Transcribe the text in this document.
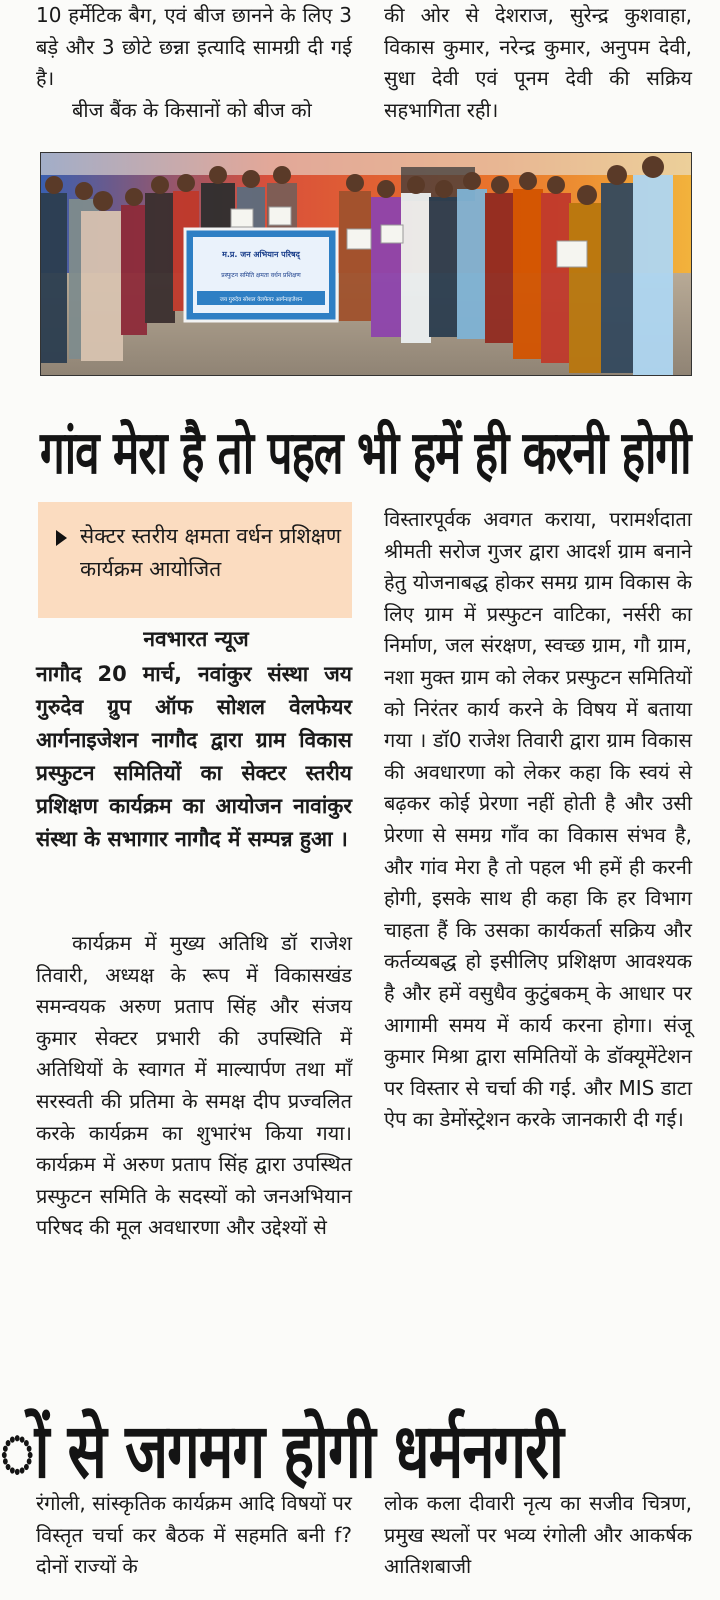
10 हर्मेटिक बैग, एवं बीज छानने के लिए 3 बड़े और 3 छोटे छन्ना इत्यादि सामग्री दी गई है।

बीज बैंक के किसानों को बीज को

की ओर से देशराज, सुरेन्द्र कुशवाहा, विकास कुमार, नरेन्द्र कुमार, अनुपम देवी, सुधा देवी एवं पूनम देवी की सक्रिय सहभागिता रही।

म.प्र. जन अभियान परिषद्
प्रस्फुटन समिति क्षमता वर्धन प्रशिक्षण
जय गुरुदेव सोशल वेलफेयर आर्गनाइजेशन
गांव मेरा है तो पहल भी हमें ही करनी होगी
सेक्टर स्तरीय क्षमता वर्धन प्रशिक्षण कार्यक्रम आयोजित
नवभारत न्यूज

नागौद 20 मार्च, नवांकुर संस्था जय गुरुदेव ग्रुप ऑफ सोशल वेलफेयर आर्गनाइजेशन नागौद द्वारा ग्राम विकास प्रस्फुटन समितियों का सेक्टर स्तरीय प्रशिक्षण कार्यक्रम का आयोजन नावांकुर संस्था के सभागार नागौद में सम्पन्न हुआ ।

कार्यक्रम में मुख्य अतिथि डॉ राजेश तिवारी, अध्यक्ष के रूप में विकासखंड समन्वयक अरुण प्रताप सिंह और संजय कुमार सेक्टर प्रभारी की उपस्थिति में अतिथियों के स्वागत में माल्यार्पण तथा माँ सरस्वती की प्रतिमा के समक्ष दीप प्रज्वलित करके कार्यक्रम का शुभारंभ किया गया। कार्यक्रम में अरुण प्रताप सिंह द्वारा उपस्थित प्रस्फुटन समिति के सदस्यों को जनअभियान परिषद की मूल अवधारणा और उद्देश्यों से

विस्तारपूर्वक अवगत कराया, परामर्शदाता श्रीमती सरोज गुजर द्वारा आदर्श ग्राम बनाने हेतु योजनाबद्ध होकर समग्र ग्राम विकास के लिए ग्राम में प्रस्फुटन वाटिका, नर्सरी का निर्माण, जल संरक्षण, स्वच्छ ग्राम, गौ ग्राम, नशा मुक्त ग्राम को लेकर प्रस्फुटन समितियों को निरंतर कार्य करने के विषय में बताया गया । डॉ0 राजेश तिवारी द्वारा ग्राम विकास की अवधारणा को लेकर कहा कि स्वयं से बढ़कर कोई प्रेरणा नहीं होती है और उसी प्रेरणा से समग्र गाँव का विकास संभव है, और गांव मेरा है तो पहल भी हमें ही करनी होगी, इसके साथ ही कहा कि हर विभाग चाहता हैं कि उसका कार्यकर्ता सक्रिय और कर्तव्यबद्ध हो इसीलिए प्रशिक्षण आवश्यक है और हमें वसुधैव कुटुंबकम् के आधार पर आगामी समय में कार्य करना होगा। संजू कुमार मिश्रा द्वारा समितियों के डॉक्यूमेंटेशन पर विस्तार से चर्चा की गई. और MIS डाटा ऐप का डेमोंस्ट्रेशन करके जानकारी दी गई।

ों से जगमग होगी धर्मनगरी

रंगोली, सांस्कृतिक कार्यक्रम आदि विषयों पर विस्तृत चर्चा कर बैठक में सहमति बनी f? दोनों राज्यों के

लोक कला दीवारी नृत्य का सजीव चित्रण, प्रमुख स्थलों पर भव्य रंगोली और आकर्षक आतिशबाजी
